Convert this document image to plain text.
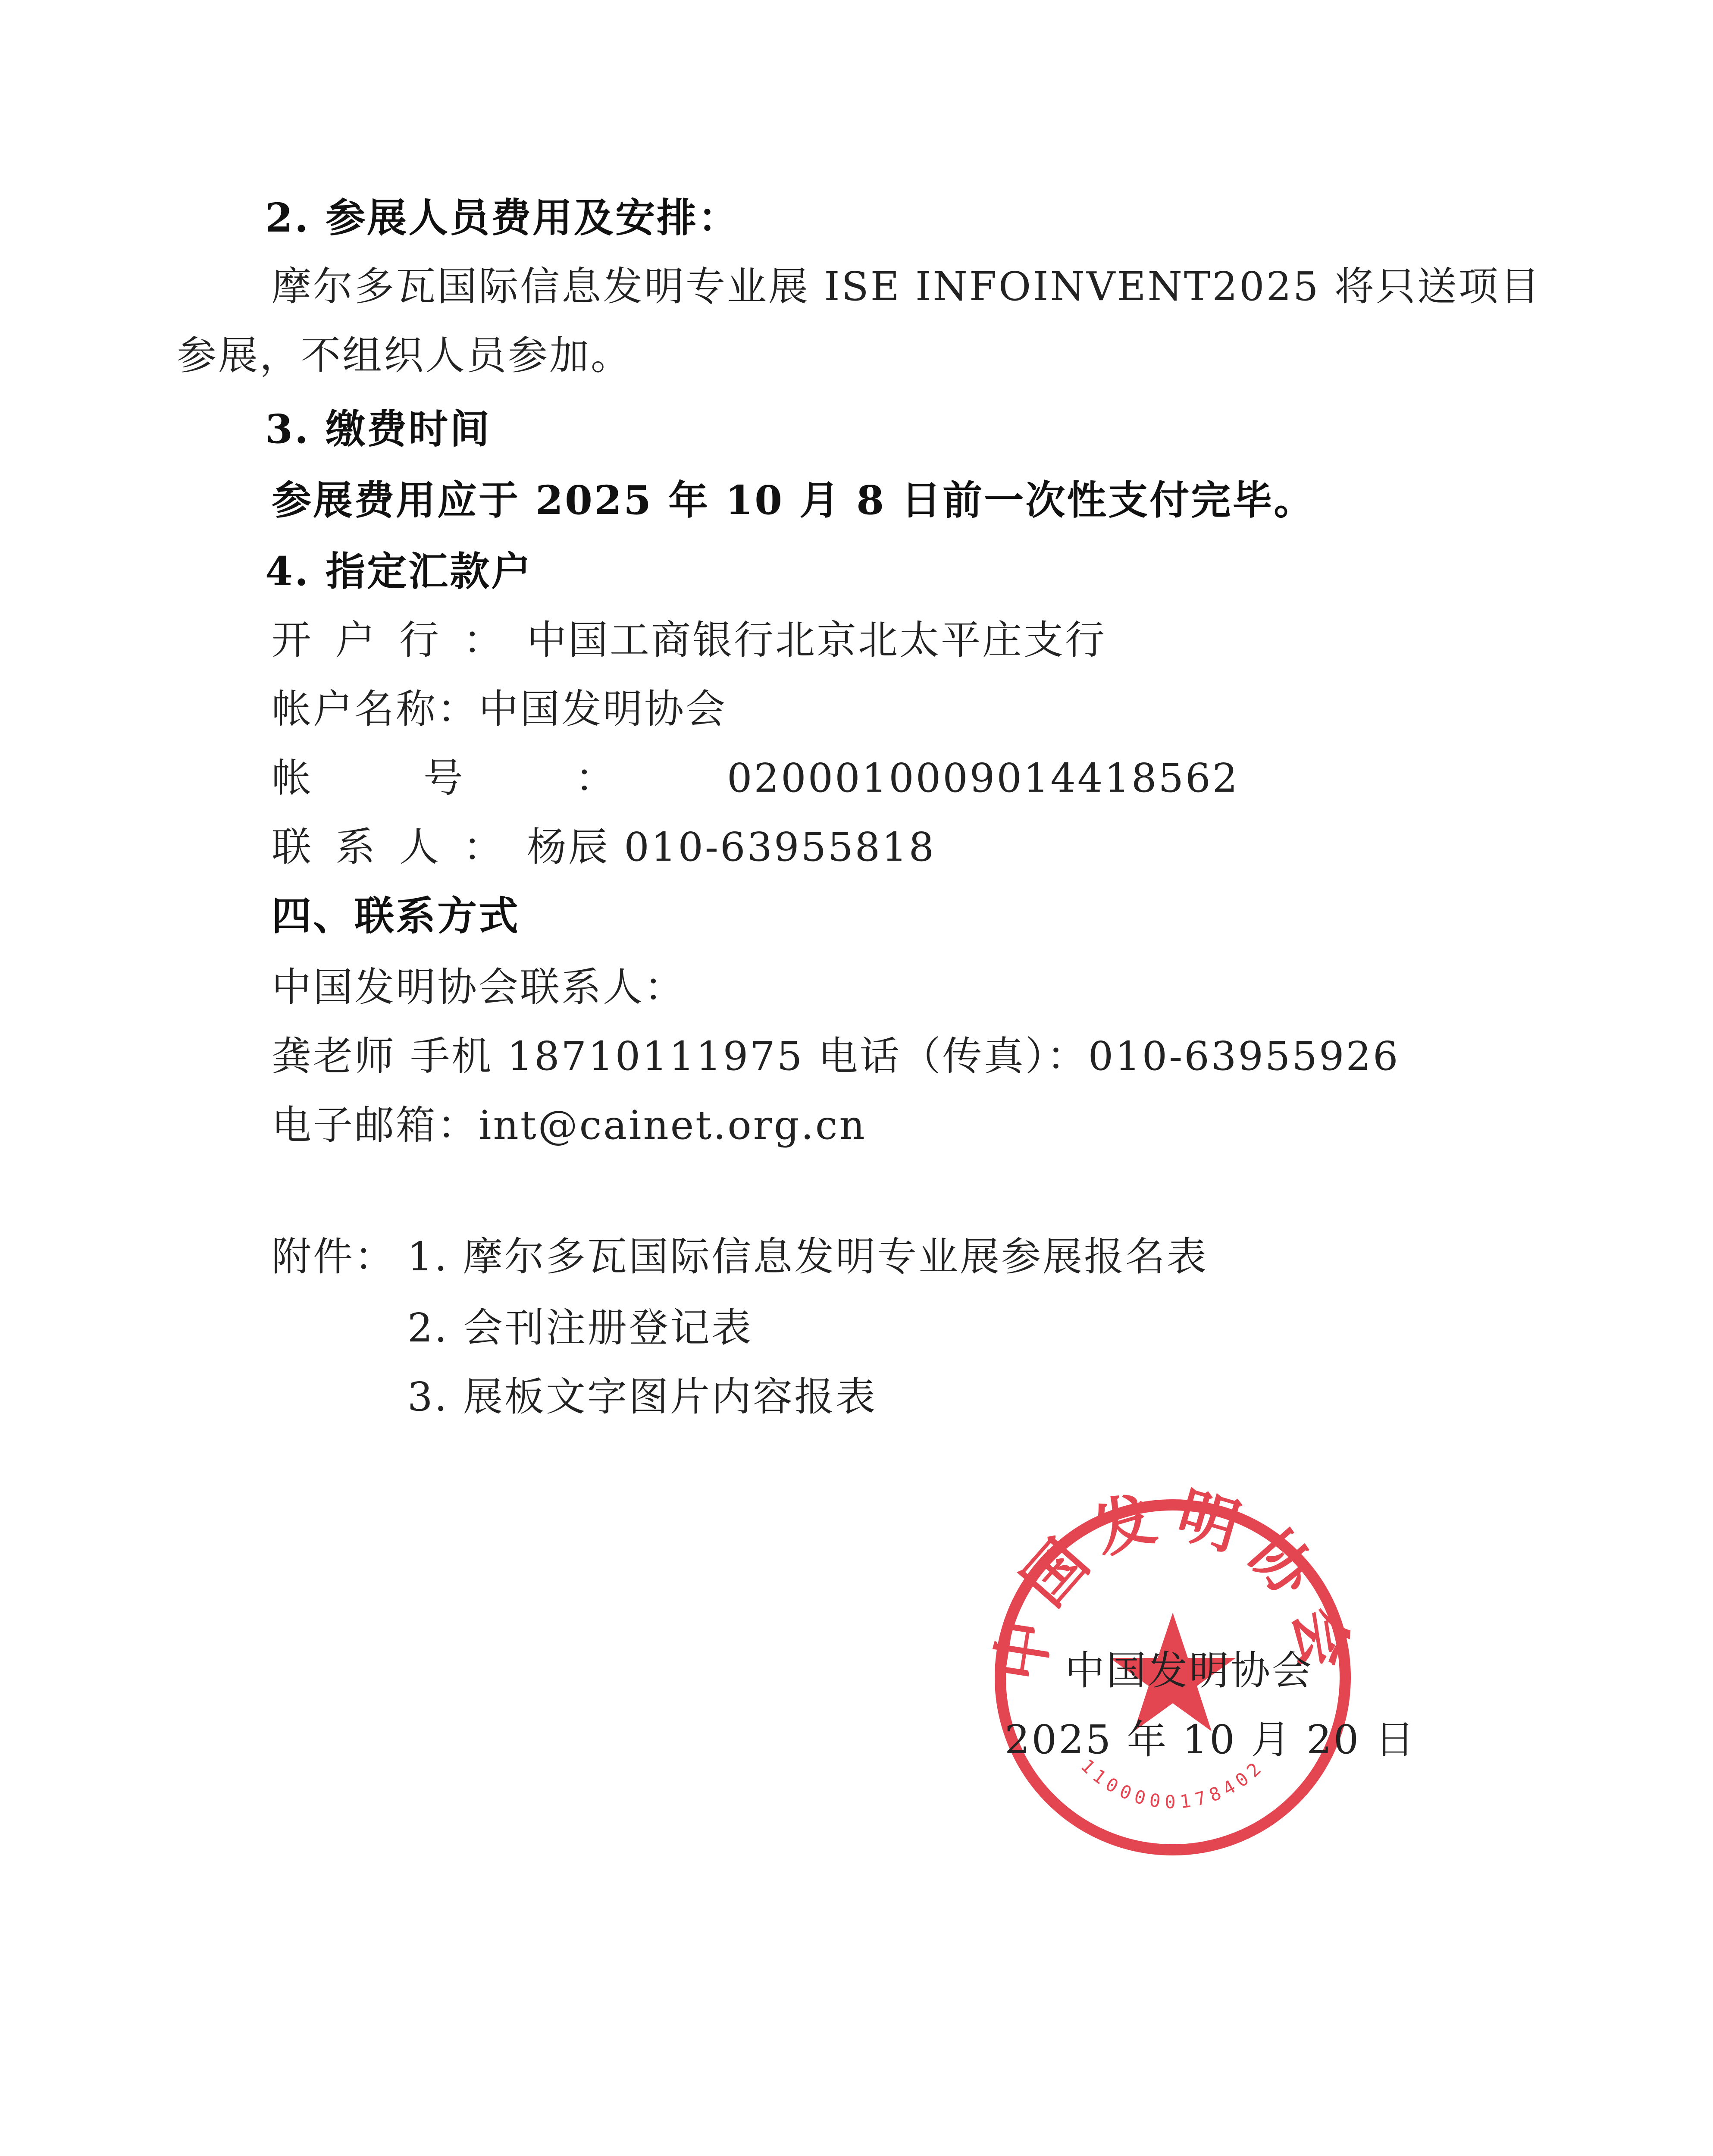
2. 参展人员费用及安排：
摩尔多瓦国际信息发明专业展 ISE INFOINVENT2025 将只送项目
参展，不组织人员参加。
3. 缴费时间
参展费用应于 2025 年 10 月 8 日前一次性支付完毕。
4. 指定汇款户
开户行：中国工商银行北京北太平庄支行
帐户名称：中国发明协会
帐号：0200010009014418562
联系人：杨辰 010-63955818
四、联系方式
中国发明协会联系人：
龚老师 手机 18710111975 电话（传真）：010-63955926
电子邮箱：int@cainet.org.cn
附件： 1. 摩尔多瓦国际信息发明专业展参展报名表
2. 会刊注册登记表
3. 展板文字图片内容报表
中国发明协会
1100000178402
中国发明协会
2025 年 10 月 20 日
